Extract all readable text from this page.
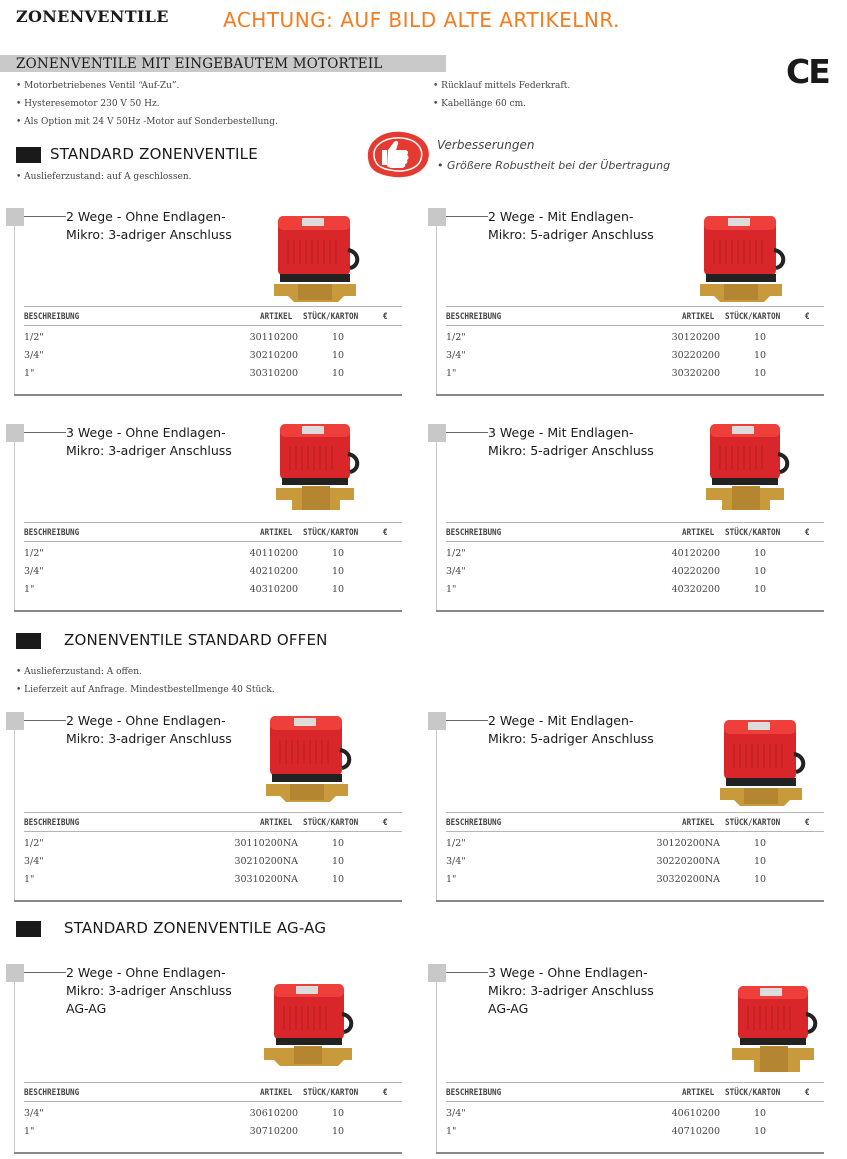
ZONENVENTILE	ACHTUNG: AUF BILD ALTE ARTIKELNR.
ZONENVENTILE MIT EINGEBAUTEM MOTORTEIL	CE
• Motorbetriebenes Ventil “Auf-Zu”.
• Hysteresemotor 230 V 50 Hz.
• Als Option mit 24 V 50Hz -Motor auf Sonderbestellung.
• Rücklauf mittels Federkraft.
• Kabellänge 60 cm.
Verbesserungen
• Größere Robustheit bei der Übertragung
STANDARD ZONENVENTILE
• Auslieferzustand: auf A geschlossen.
ZONENVENTILE STANDARD OFFEN
• Auslieferzustand: A offen.
• Lieferzeit auf Anfrage. Mindestbestellmenge 40 Stück.
STANDARD ZONENVENTILE AG-AG
2 Wege - Ohne Endlagen-
Mikro: 3-adriger Anschluss
BESCHREIBUNG	ARTIKEL STÜCK/KARTON	€
1/2"	30110200	10
3/4"	30210200	10
1"	30310200	10
2 Wege - Mit Endlagen-
Mikro: 5-adriger Anschluss
BESCHREIBUNG	ARTIKEL STÜCK/KARTON	€
1/2"	30120200	10
3/4"	30220200	10
1"	30320200	10
3 Wege - Ohne Endlagen-
Mikro: 3-adriger Anschluss
BESCHREIBUNG	ARTIKEL STÜCK/KARTON	€
1/2"	40110200	10
3/4"	40210200	10
1"	40310200	10
3 Wege - Mit Endlagen-
Mikro: 5-adriger Anschluss
BESCHREIBUNG	ARTIKEL STÜCK/KARTON	€
1/2"	40120200	10
3/4"	40220200	10
1"	40320200	10
2 Wege - Ohne Endlagen-
Mikro: 3-adriger Anschluss
BESCHREIBUNG	ARTIKEL STÜCK/KARTON	€
1/2"	30110200NA	10
3/4"	30210200NA	10
1"	30310200NA	10
2 Wege - Mit Endlagen-
Mikro: 5-adriger Anschluss
BESCHREIBUNG	ARTIKEL STÜCK/KARTON	€
1/2"	30120200NA	10
3/4"	30220200NA	10
1"	30320200NA	10
2 Wege - Ohne Endlagen-
Mikro: 3-adriger Anschluss
AG-AG
BESCHREIBUNG	ARTIKEL STÜCK/KARTON	€
3/4"	30610200	10
1"	30710200	10
3 Wege - Ohne Endlagen-
Mikro: 3-adriger Anschluss
AG-AG
BESCHREIBUNG	ARTIKEL STÜCK/KARTON	€
3/4"	40610200	10
1"	40710200	10
